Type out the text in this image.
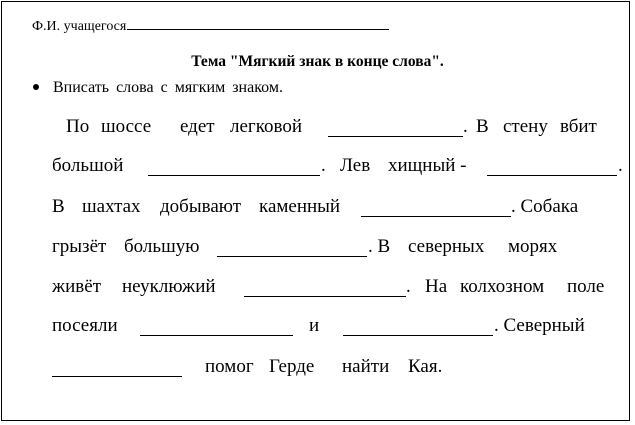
Ф.И. учащегося
Тема "Мягкий знак в конце слова".
Вписать слова с мягким знаком.
По шоссе едет легковой	. В стену вбит
большой	. Лев хищный -	.
В шахтах добывают каменный	. Собака
грызёт большую	. В северных морях
живёт неуклюжий	. На колхозном поле
посеяли	и	. Северный
помог Герде найти Кая.
